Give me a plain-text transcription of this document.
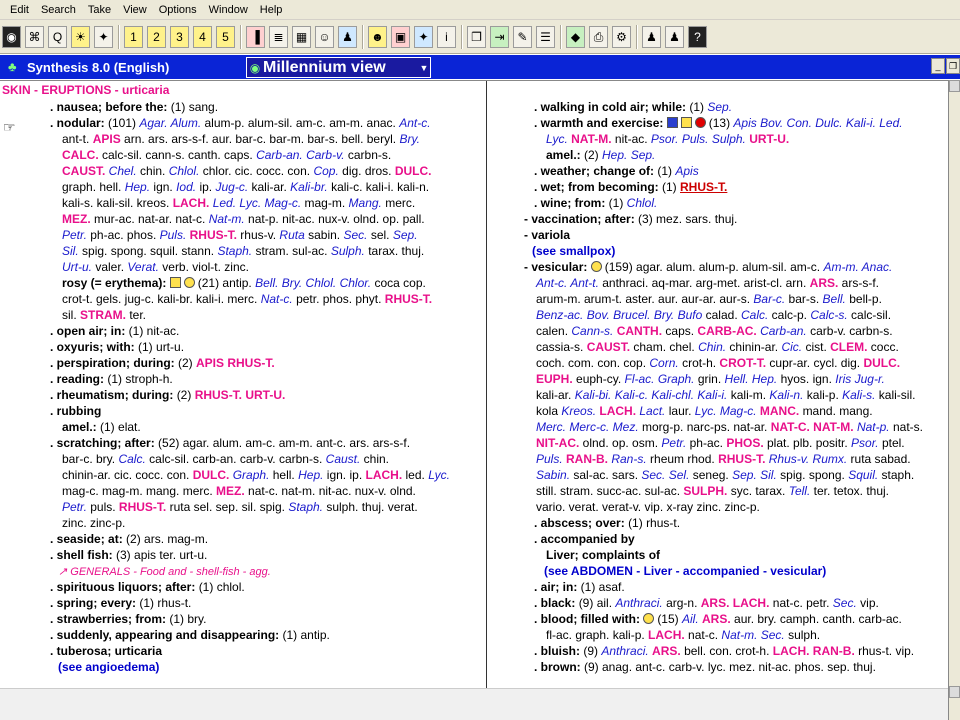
Edit	Search	Take	View	Options	Window	Help
◉ ⌘	Q	☀	✦	1	2	3	4	5	▐	≣	▦ ☺ ♟	☻ ▣	✦	i	❐	⇥	✎	☰	◆	⎙	⚙	♟	♟	?
♣ Synthesis 8.0 (English)	◉ Millennium view	▼	_ ❐
SKIN - ERUPTIONS - urticaria
☞
. nausea; before the: (1) sang.
. nodular: (101) Agar. Alum. alum-p. alum-sil. am-c. am-m. anac. Ant-c.
ant-t. APIS arn. ars. ars-s-f. aur. bar-c. bar-m. bar-s. bell. beryl. Bry.
CALC. calc-sil. cann-s. canth. caps. Carb-an. Carb-v. carbn-s.
CAUST. Chel. chin. Chlol. chlor. cic. cocc. con. Cop. dig. dros. DULC.
graph. hell. Hep. ign. Iod. ip. Jug-c. kali-ar. Kali-br. kali-c. kali-i. kali-n.
kali-s. kali-sil. kreos. LACH. Led. Lyc. Mag-c. mag-m. Mang. merc.
MEZ. mur-ac. nat-ar. nat-c. Nat-m. nat-p. nit-ac. nux-v. olnd. op. pall.
Petr. ph-ac. phos. Puls. RHUS-T. rhus-v. Ruta sabin. Sec. sel. Sep.
Sil. spig. spong. squil. stann. Staph. stram. sul-ac. Sulph. tarax. thuj.
Urt-u. valer. Verat. verb. viol-t. zinc.
rosy (= erythema): (21) antip. Bell. Bry. Chlol. Chlor. coca cop.
crot-t. gels. jug-c. kali-br. kali-i. merc. Nat-c. petr. phos. phyt. RHUS-T.
sil. STRAM. ter.
. open air; in: (1) nit-ac.
. oxyuris; with: (1) urt-u.
. perspiration; during: (2) APIS RHUS-T.
. reading: (1) stroph-h.
. rheumatism; during: (2) RHUS-T. URT-U.
. rubbing
amel.: (1) elat.
. scratching; after: (52) agar. alum. am-c. am-m. ant-c. ars. ars-s-f.
bar-c. bry. Calc. calc-sil. carb-an. carb-v. carbn-s. Caust. chin.
chinin-ar. cic. cocc. con. DULC. Graph. hell. Hep. ign. ip. LACH. led. Lyc.
mag-c. mag-m. mang. merc. MEZ. nat-c. nat-m. nit-ac. nux-v. olnd.
Petr. puls. RHUS-T. ruta sel. sep. sil. spig. Staph. sulph. thuj. verat.
zinc. zinc-p.
. seaside; at: (2) ars. mag-m.
. shell fish: (3) apis ter. urt-u.
↗ GENERALS - Food and - shell-fish - agg.
. spirituous liquors; after: (1) chlol.
. spring; every: (1) rhus-t.
. strawberries; from: (1) bry.
. suddenly, appearing and disappearing: (1) antip.
. tuberosa; urticaria
(see angioedema)
. walking in cold air; while: (1) Sep.
. warmth and exercise:	(13) Apis Bov. Con. Dulc. Kali-i. Led.
Lyc. NAT-M. nit-ac. Psor. Puls. Sulph. URT-U.
amel.: (2) Hep. Sep.
. weather; change of: (1) Apis
. wet; from becoming: (1) RHUS-T.
. wine; from: (1) Chlol.
- vaccination; after: (3) mez. sars. thuj.
- variola
(see smallpox)
- vesicular: (159) agar. alum. alum-p. alum-sil. am-c. Am-m. Anac.
Ant-c. Ant-t. anthraci. aq-mar. arg-met. arist-cl. arn. ARS. ars-s-f.
arum-m. arum-t. aster. aur. aur-ar. aur-s. Bar-c. bar-s. Bell. bell-p.
Benz-ac. Bov. Brucel. Bry. Bufo calad. Calc. calc-p. Calc-s. calc-sil.
calen. Cann-s. CANTH. caps. CARB-AC. Carb-an. carb-v. carbn-s.
cassia-s. CAUST. cham. chel. Chin. chinin-ar. Cic. cist. CLEM. cocc.
coch. com. con. cop. Corn. crot-h. CROT-T. cupr-ar. cycl. dig. DULC.
EUPH. euph-cy. Fl-ac. Graph. grin. Hell. Hep. hyos. ign. Iris Jug-r.
kali-ar. Kali-bi. Kali-c. Kali-chl. Kali-i. kali-m. Kali-n. kali-p. Kali-s. kali-sil.
kola Kreos. LACH. Lact. laur. Lyc. Mag-c. MANC. mand. mang.
Merc. Merc-c. Mez. morg-p. narc-ps. nat-ar. NAT-C. NAT-M. Nat-p. nat-s.
NIT-AC. olnd. op. osm. Petr. ph-ac. PHOS. plat. plb. positr. Psor. ptel.
Puls. RAN-B. Ran-s. rheum rhod. RHUS-T. Rhus-v. Rumx. ruta sabad.
Sabin. sal-ac. sars. Sec. Sel. seneg. Sep. Sil. spig. spong. Squil. staph.
still. stram. succ-ac. sul-ac. SULPH. syc. tarax. Tell. ter. tetox. thuj.
vario. verat. verat-v. vip. x-ray zinc. zinc-p.
. abscess; over: (1) rhus-t.
. accompanied by
Liver; complaints of
(see ABDOMEN - Liver - accompanied - vesicular)
. air; in: (1) asaf.
. black: (9) ail. Anthraci. arg-n. ARS. LACH. nat-c. petr. Sec. vip.
. blood; filled with: (15) Ail. ARS. aur. bry. camph. canth. carb-ac.
fl-ac. graph. kali-p. LACH. nat-c. Nat-m. Sec. sulph.
. bluish: (9) Anthraci. ARS. bell. con. crot-h. LACH. RAN-B. rhus-t. vip.
. brown: (9) anag. ant-c. carb-v. lyc. mez. nit-ac. phos. sep. thuj.
